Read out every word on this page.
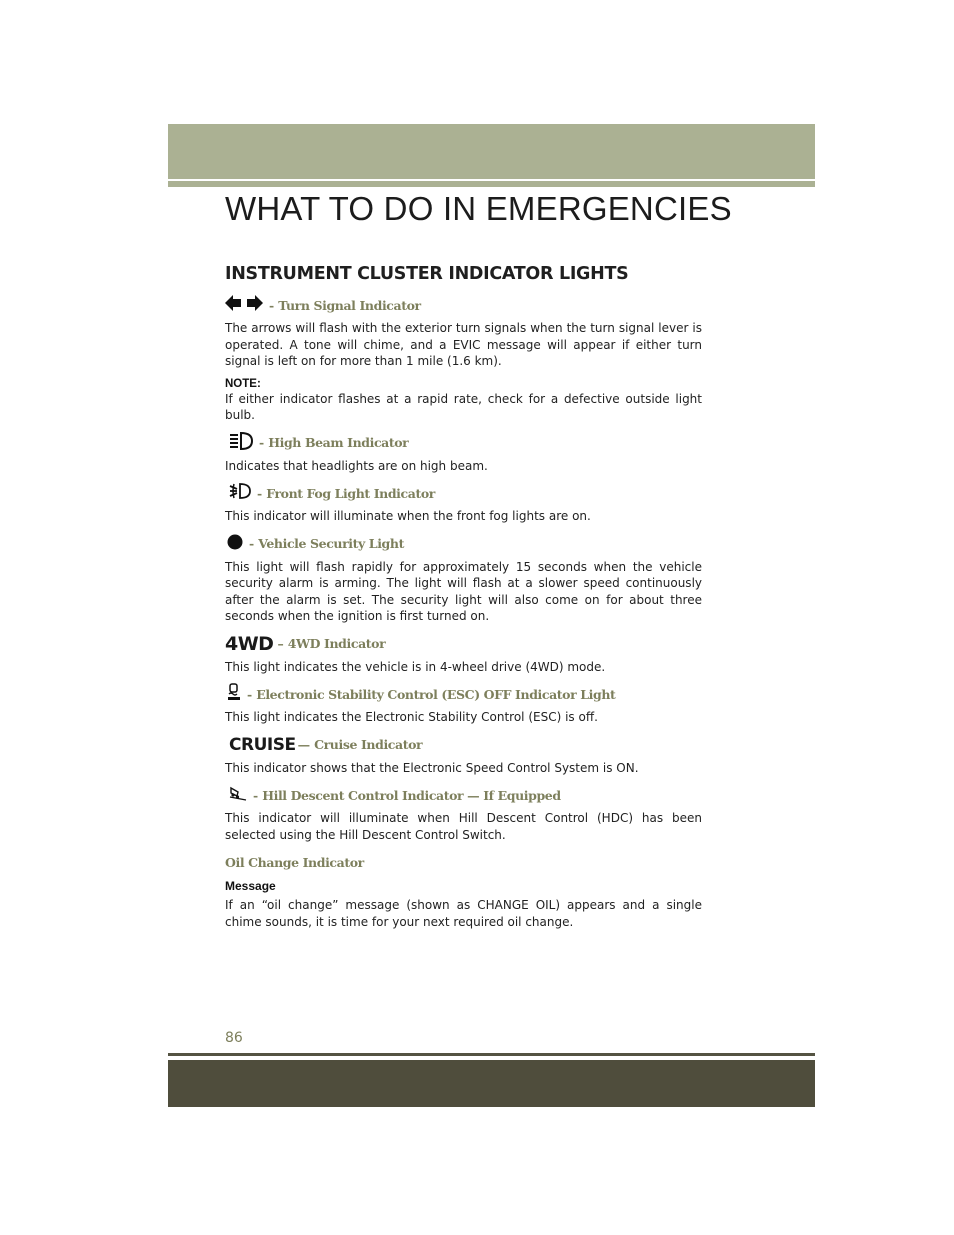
WHAT TO DO IN EMERGENCIES
INSTRUMENT CLUSTER INDICATOR LIGHTS
- Turn Signal Indicator

The arrows will flash with the exterior turn signals when the turn signal lever is operated. A tone will chime, and a EVIC message will appear if either turn signal is left on for more than 1 mile (1.6 km).

NOTE:

If either indicator flashes at a rapid rate, check for a defective outside light bulb.

- High Beam Indicator

Indicates that headlights are on high beam.

- Front Fog Light Indicator

This indicator will illuminate when the front fog lights are on.

- Vehicle Security Light

This light will flash rapidly for approximately 15 seconds when the vehicle security alarm is arming. The light will flash at a slower speed continuously after the alarm is set. The security light will also come on for about three seconds when the ignition is first turned on.

4WD – 4WD Indicator

This light indicates the vehicle is in 4-wheel drive (4WD) mode.

- Electronic Stability Control (ESC) OFF Indicator Light

This light indicates the Electronic Stability Control (ESC) is off.

CRUISE — Cruise Indicator

This indicator shows that the Electronic Speed Control System is ON.

- Hill Descent Control Indicator — If Equipped

This indicator will illuminate when Hill Descent Control (HDC) has been selected using the Hill Descent Control Switch.

Oil Change Indicator
Message

If an “oil change” message (shown as CHANGE OIL) appears and a single chime sounds, it is time for your next required oil change.

86
